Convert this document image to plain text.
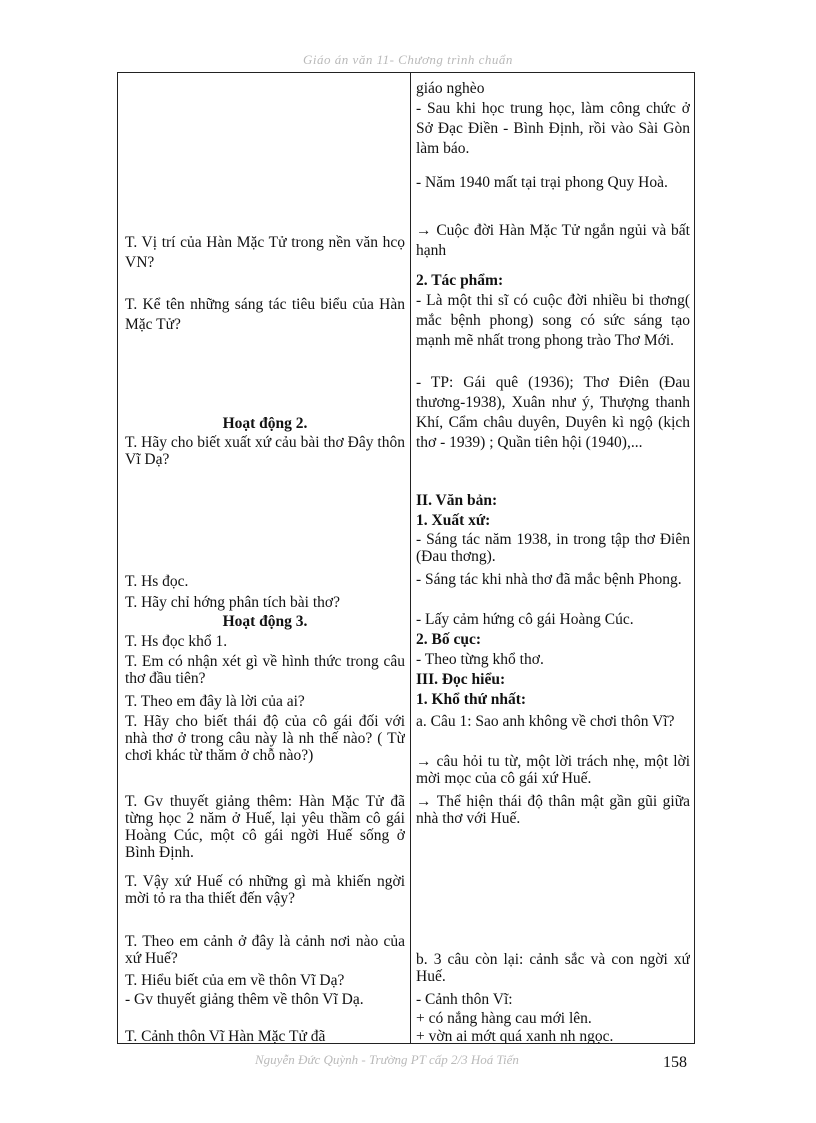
Giáo án văn 11- Chương trình chuẩn

T. Vị trí của Hàn Mặc Tử trong nền văn hcọ VN?

T. Kể tên những sáng tác tiêu biểu của Hàn Mặc Tử?

Hoạt động 2.

T. Hãy cho biết xuất xứ cảu bài thơ Đây thôn Vĩ Dạ?

T. Hs đọc.

T. Hãy chỉ hớng phân tích bài thơ?

Hoạt động 3.

T. Hs đọc khổ 1.

T. Em có nhận xét gì về hình thức trong câu thơ đầu tiên?

T. Theo em đây là lời của ai?

T. Hãy cho biết thái độ của cô gái đối với nhà thơ ở trong câu này là nh thế nào? ( Từ chơi khác từ thăm ở chỗ nào?)

T. Gv thuyết giảng thêm: Hàn Mặc Tử đã từng học 2 năm ở Huế, lại yêu thầm cô gái Hoàng Cúc, một cô gái ngời Huế sống ở Bình Định.

T. Vậy xứ Huế có những gì mà khiến ngời mời tỏ ra tha thiết đến vậy?

T. Theo em cảnh ở đây là cảnh nơi nào của xứ Huế?

T. Hiểu biết của em về thôn Vĩ Dạ?

- Gv thuyết giảng thêm về thôn Vĩ Dạ.

T. Cảnh thôn Vĩ Hàn Mặc Tử đã

giáo nghèo

- Sau khi học trung học, làm công chức ở Sở Đạc Điền - Bình Định, rồi vào Sài Gòn làm báo.

- Năm 1940 mất tại trại phong Quy Hoà.

→ Cuộc đời Hàn Mặc Tử ngắn ngủi và bất hạnh

2. Tác phẩm:

- Là một thi sĩ có cuộc đời nhiều bi thơng( mắc bệnh phong) song có sức sáng tạo mạnh mẽ nhất trong phong trào Thơ Mới.

- TP: Gái quê (1936); Thơ Điên (Đau thương-1938), Xuân như ý, Thượng thanh Khí, Cẩm châu duyên, Duyên kì ngộ (kịch thơ - 1939) ; Quần tiên hội (1940),...

II. Văn bản:

1. Xuất xứ:

- Sáng tác năm 1938, in trong tập thơ Điên (Đau thơng).

- Sáng tác khi nhà thơ đã mắc bệnh Phong.

- Lấy cảm hứng cô gái Hoàng Cúc.

2. Bố cục:

- Theo từng khổ thơ.

III. Đọc hiểu:

1. Khổ thứ nhất:

a. Câu 1: Sao anh không về chơi thôn Vĩ?

→ câu hỏi tu từ, một lời trách nhẹ, một lời mời mọc của cô gái xứ Huế.

→ Thể hiện thái độ thân mật gần gũi giữa nhà thơ với Huế.

b. 3 câu còn lại: cảnh sắc và con ngời xứ Huế.

- Cảnh thôn Vĩ:

+ có nắng hàng cau mới lên.

+ vờn ai mớt quá xanh nh ngọc.

Nguyễn Đức Quỳnh - Trường PT cấp 2/3 Hoá Tiến	158
